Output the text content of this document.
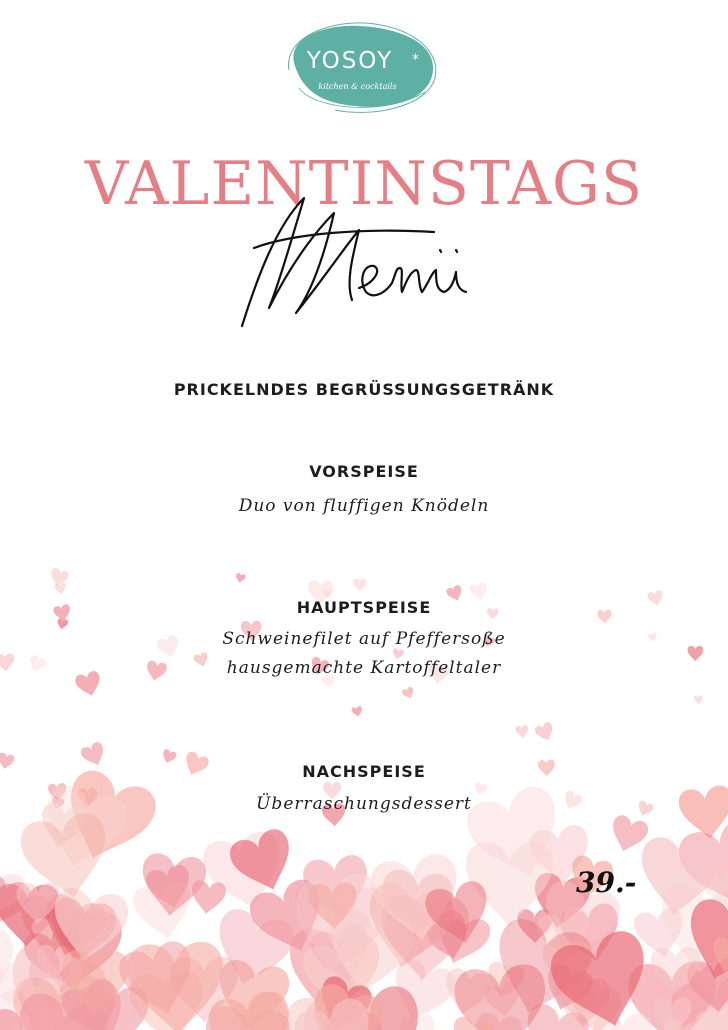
YOSOY	*
kitchen & cocktails
VALENTINSTAGS
PRICKELNDES BEGRÜSSUNGSGETRÄNK
VORSPEISE
Duo von fluffigen Knödeln
HAUPTSPEISE
Schweinefilet auf Pfeffersoße
hausgemachte Kartoffeltaler
NACHSPEISE
Überraschungsdessert
39.-
